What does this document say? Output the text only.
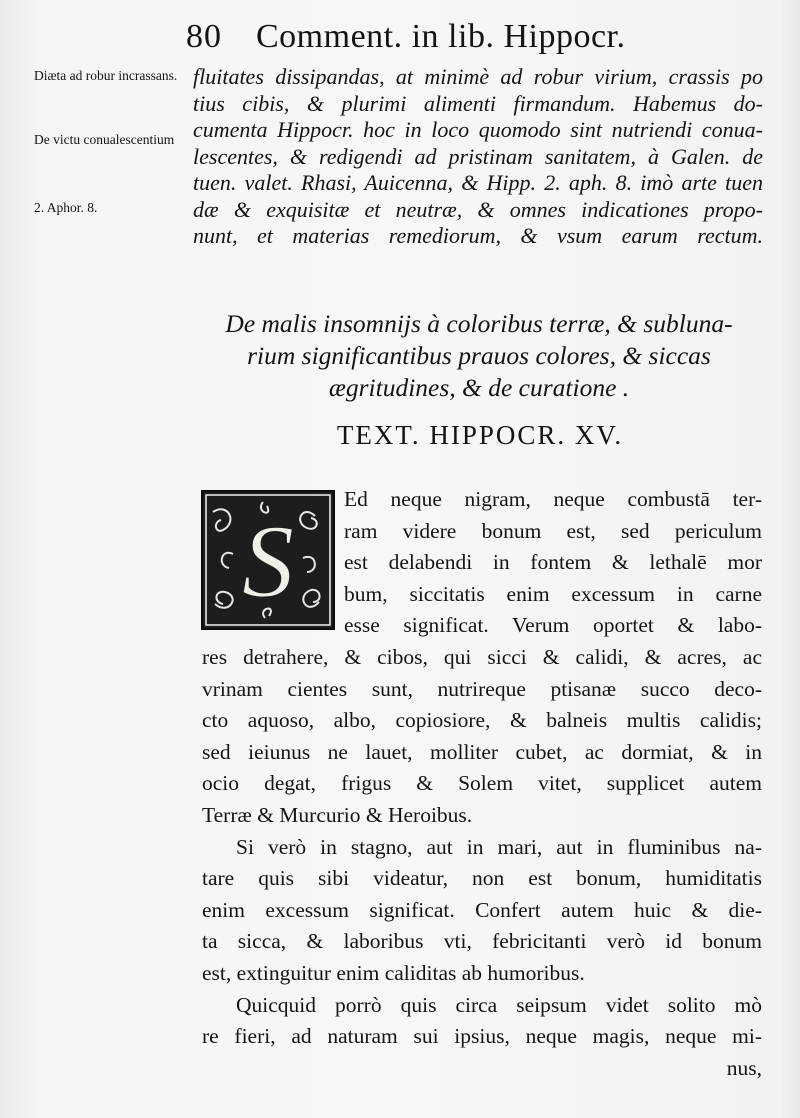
80 Comment. in lib. Hippocr.
Diæta ad robur incrassans.
De victu conualescentium
2. Aphor. 8.
fluitates dissipandas, at minimè ad robur virium, crassis po
tius cibis, & plurimi alimenti firmandum. Habemus do-
cumenta Hippocr. hoc in loco quomodo sint nutriendi conua-
lescentes, & redigendi ad pristinam sanitatem, à Galen. de
tuen. valet. Rhasi, Auicenna, & Hipp. 2. aph. 8. imò arte tuen
dæ & exquisitæ et neutræ, & omnes indicationes propo-
nunt, et materias remediorum, & vsum earum rectum.
De malis insomnijs à coloribus terræ, & subluna-
rium significantibus prauos colores, & siccas
ægritudines, & de curatione .
TEXT. HIPPOCR. XV.
S
Ed neque nigram, neque combustā ter-
ram videre bonum est, sed periculum
est delabendi in fontem & lethalē mor
bum, siccitatis enim excessum in carne
esse significat. Verum oportet & labo-
res detrahere, & cibos, qui sicci & calidi, & acres, ac
vrinam cientes sunt, nutrireque ptisanæ succo deco-
cto aquoso, albo, copiosiore, & balneis multis calidis;
sed ieiunus ne lauet, molliter cubet, ac dormiat, & in
ocio degat, frigus & Solem vitet, supplicet autem
Terræ & Murcurio & Heroibus.
Si verò in stagno, aut in mari, aut in fluminibus na-
tare quis sibi videatur, non est bonum, humiditatis
enim excessum significat. Confert autem huic & die-
ta sicca, & laboribus vti, febricitanti verò id bonum
est, extinguitur enim caliditas ab humoribus.
Quicquid porrò quis circa seipsum videt solito mò
re fieri, ad naturam sui ipsius, neque magis, neque mi-
nus,
